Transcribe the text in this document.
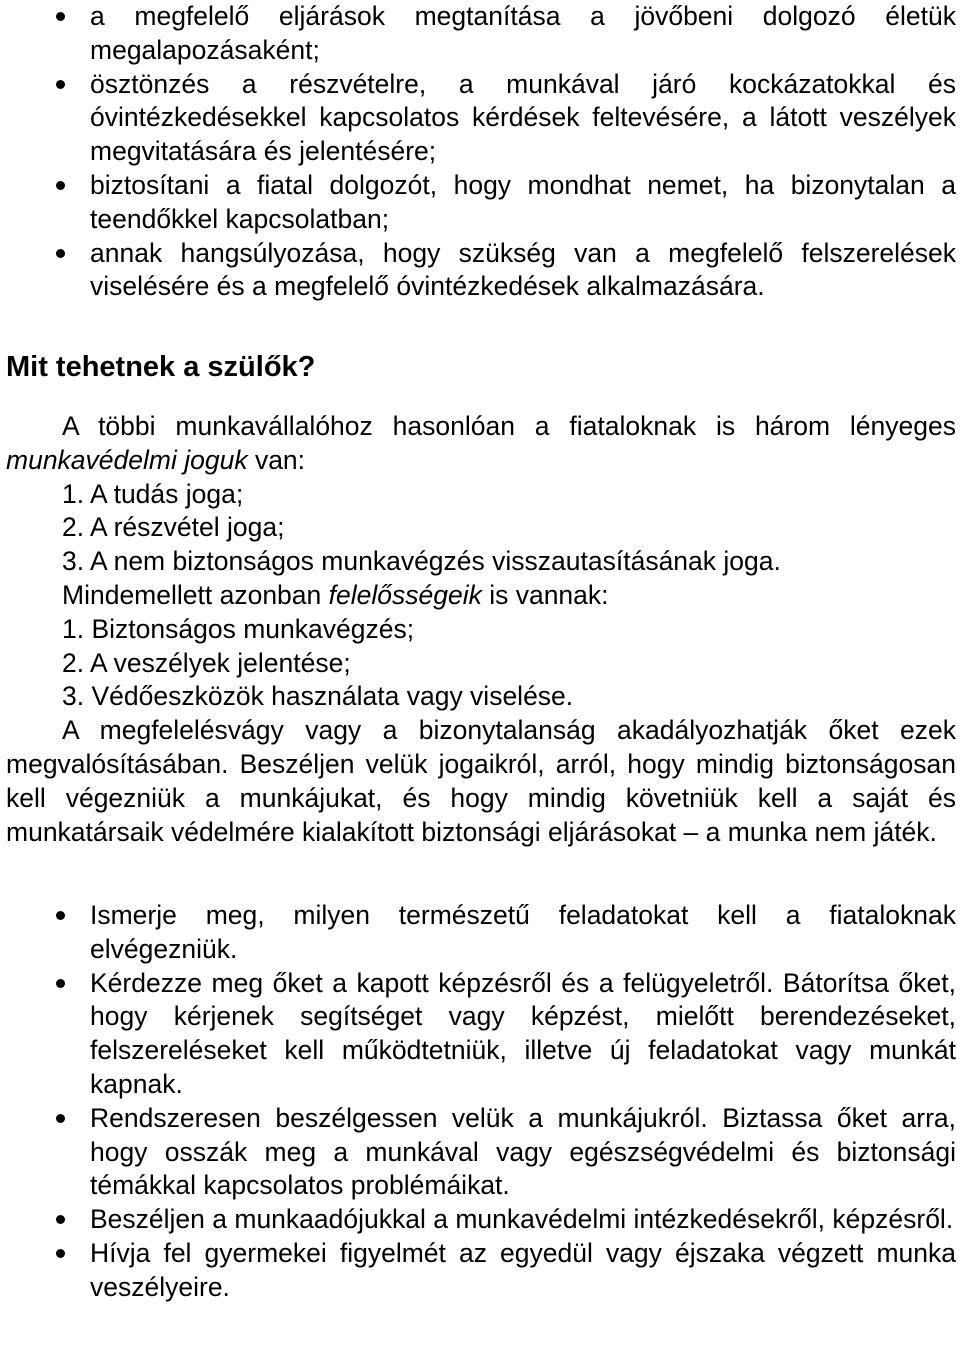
a megfelelő eljárások megtanítása a jövőbeni dolgozó életük megalapozásaként;
ösztönzés a részvételre, a munkával járó kockázatokkal és óvintézkedésekkel kapcsolatos kérdések feltevésére, a látott veszélyek megvitatására és jelentésére;
biztosítani a fiatal dolgozót, hogy mondhat nemet, ha bizonytalan a teendőkkel kapcsolatban;
annak hangsúlyozása, hogy szükség van a megfelelő felszerelések viselésére és a megfelelő óvintézkedések alkalmazására.
Mit tehetnek a szülők?
A többi munkavállalóhoz hasonlóan a fiataloknak is három lényeges munkavédelmi joguk van:
1. A tudás joga;
2. A részvétel joga;
3. A nem biztonságos munkavégzés visszautasításának joga.
Mindemellett azonban felelősségeik is vannak:
1. Biztonságos munkavégzés;
2. A veszélyek jelentése;
3. Védőeszközök használata vagy viselése.
A megfelelésvágy vagy a bizonytalanság akadályozhatják őket ezek megvalósításában. Beszéljen velük jogaikról, arról, hogy mindig biztonságosan kell végezniük a munkájukat, és hogy mindig követniük kell a saját és munkatársaik védelmére kialakított biztonsági eljárásokat – a munka nem játék.
Ismerje meg, milyen természetű feladatokat kell a fiataloknak elvégezniük.
Kérdezze meg őket a kapott képzésről és a felügyeletről. Bátorítsa őket, hogy kérjenek segítséget vagy képzést, mielőtt berendezéseket, felszereléseket kell működtetniük, illetve új feladatokat vagy munkát kapnak.
Rendszeresen beszélgessen velük a munkájukról. Biztassa őket arra, hogy osszák meg a munkával vagy egészségvédelmi és biztonsági témákkal kapcsolatos problémáikat.
Beszéljen a munkaadójukkal a munkavédelmi intézkedésekről, képzésről.
Hívja fel gyermekei figyelmét az egyedül vagy éjszaka végzett munka veszélyeire.
